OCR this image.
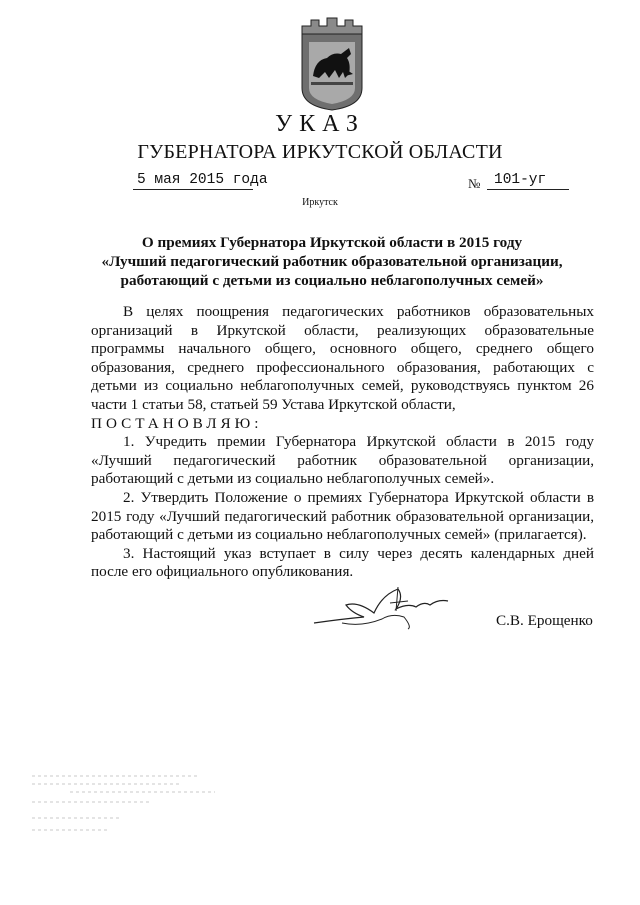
УКАЗ
ГУБЕРНАТОРА ИРКУТСКОЙ ОБЛАСТИ
5 мая 2015 года	№ 101-уг
Иркутск
О премиях Губернатора Иркутской области в 2015 году
«Лучший педагогический работник образовательной организации,
работающий с детьми из социально неблагополучных семей»

В целях поощрения педагогических работников образовательных организаций в Иркутской области, реализующих образовательные программы начального общего, основного общего, среднего общего образования, среднего профессионального образования, работающих с детьми из социально неблагополучных семей, руководствуясь пунктом 26 части 1 статьи 58, статьей 59 Устава Иркутской области,

ПОСТАНОВЛЯЮ:

1. Учредить премии Губернатора Иркутской области в 2015 году «Лучший педагогический работник образовательной организации, работающий с детьми из социально неблагополучных семей».

2. Утвердить Положение о премиях Губернатора Иркутской области в 2015 году «Лучший педагогический работник образовательной организации, работающий с детьми из социально неблагополучных семей» (прилагается).

3. Настоящий указ вступает в силу через десять календарных дней после его официального опубликования.

С.В. Ерощенко
